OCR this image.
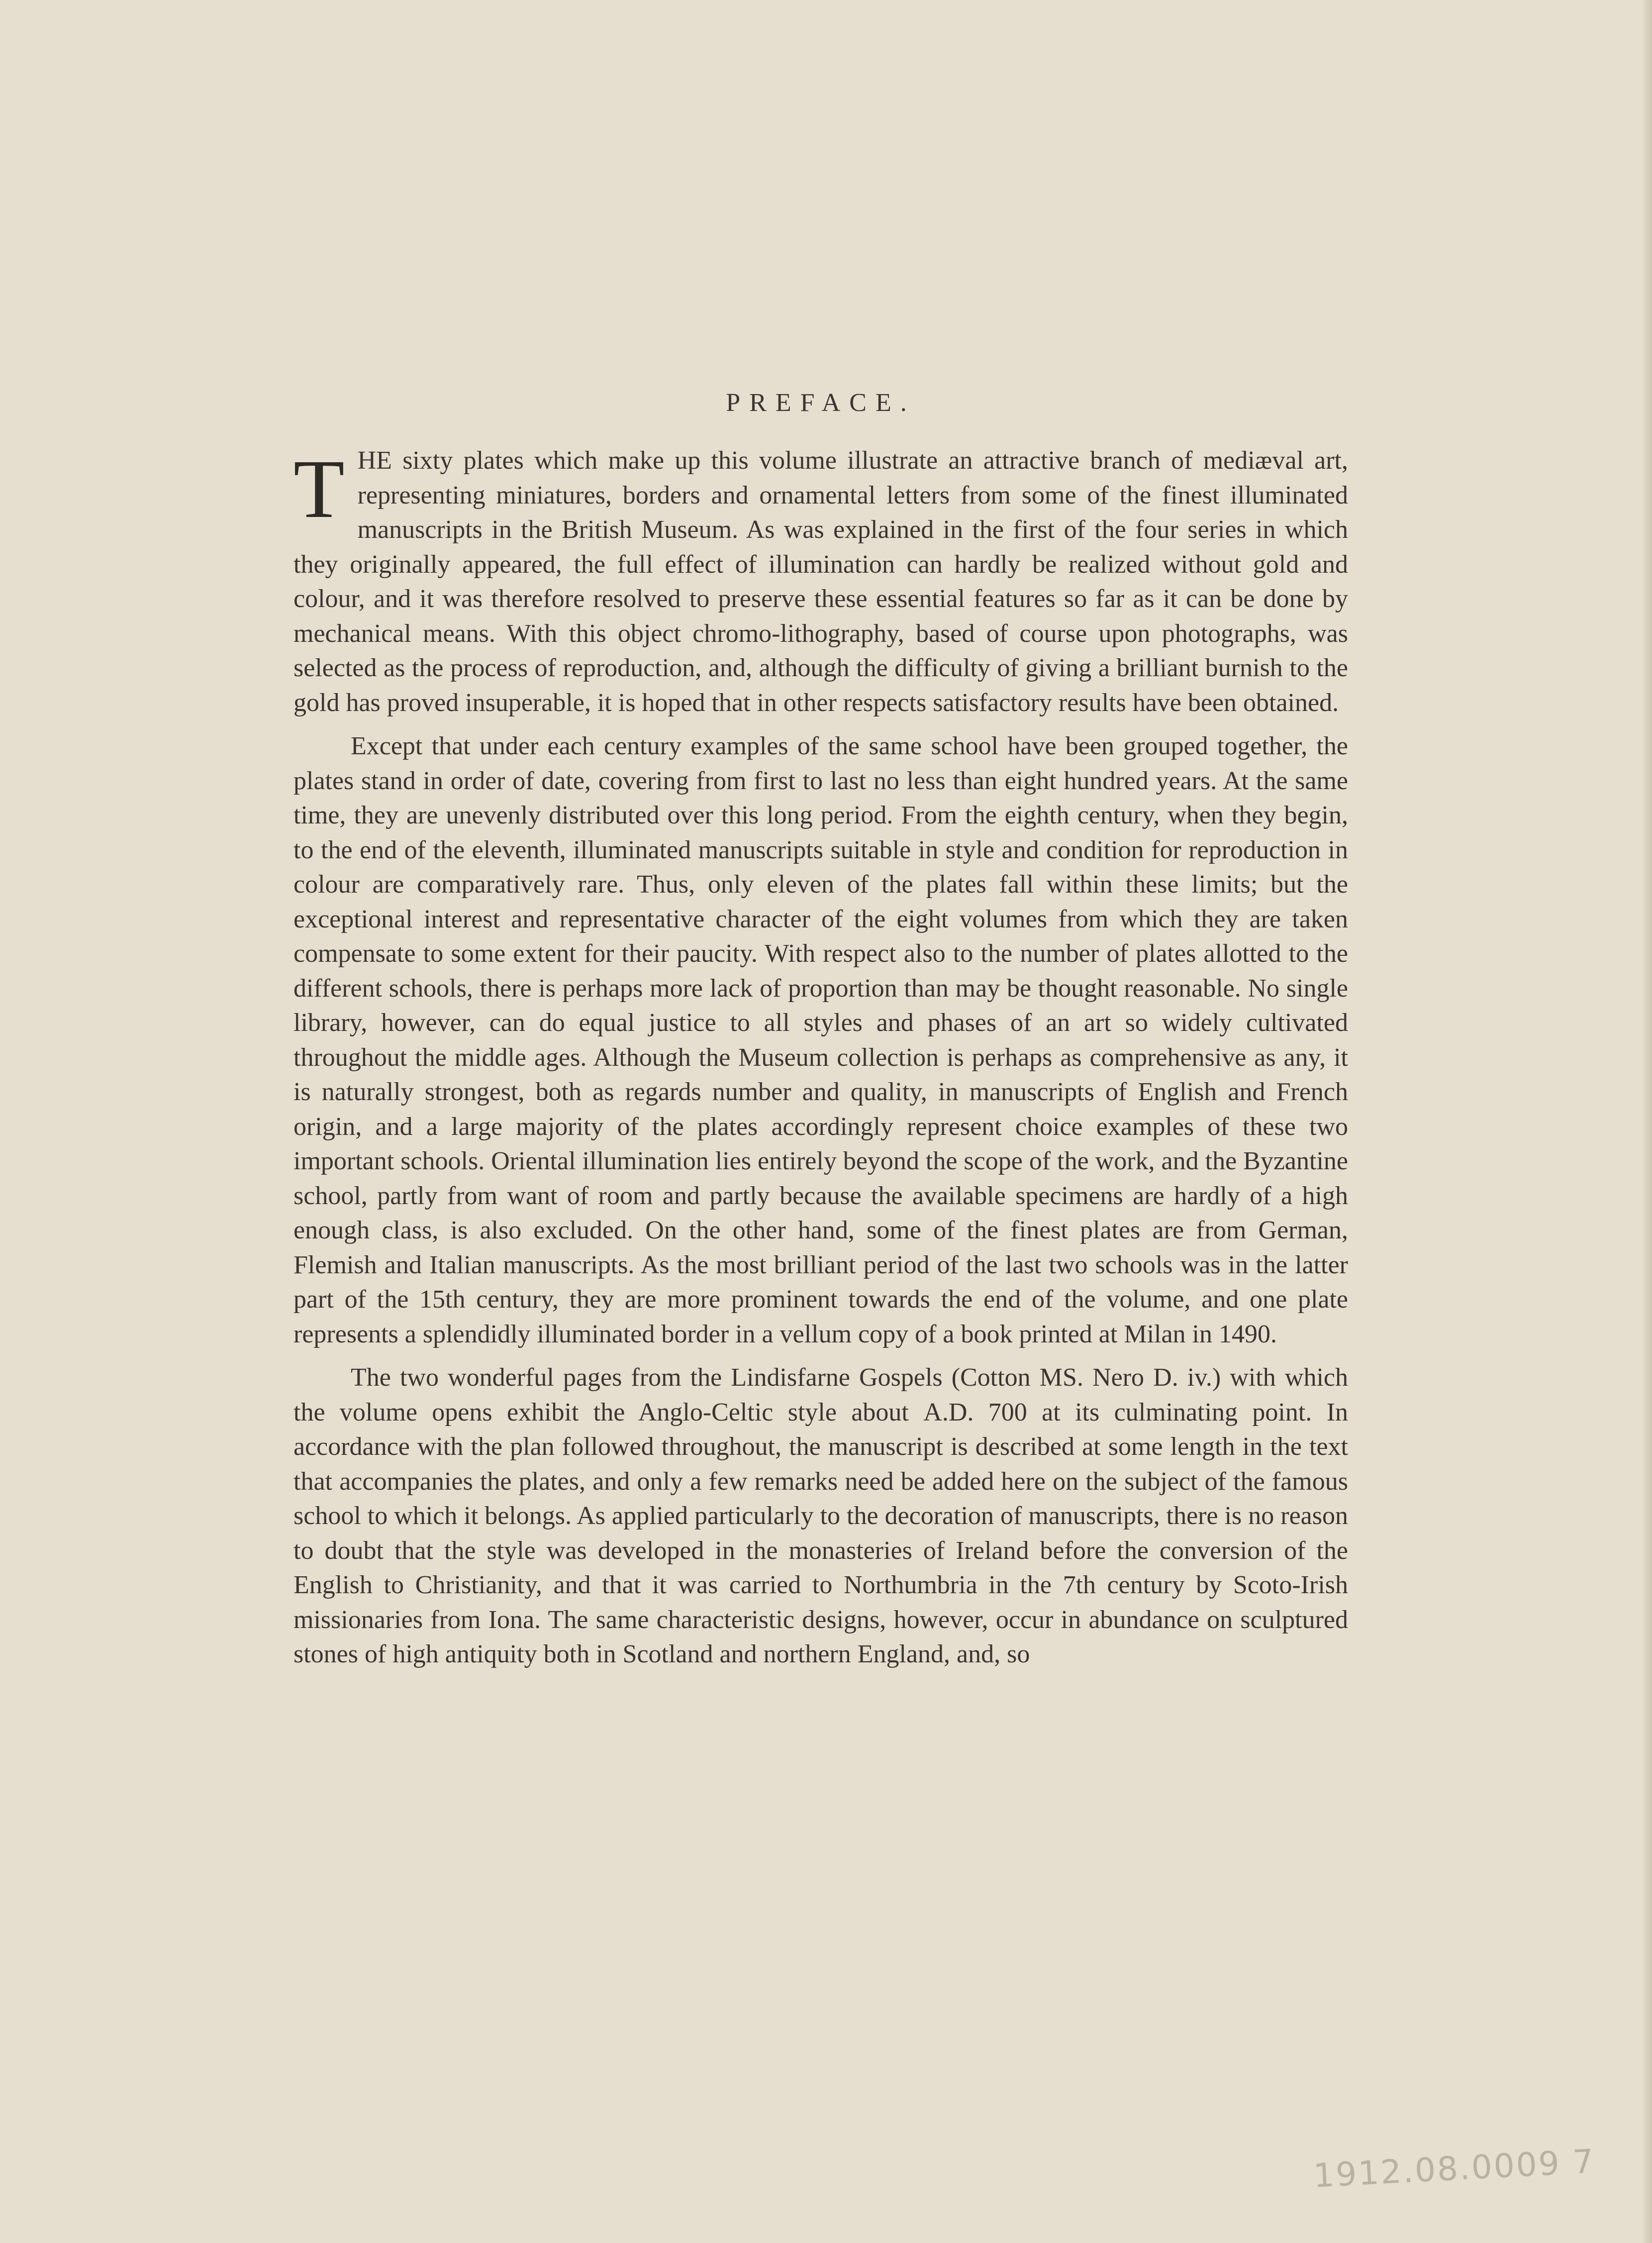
PREFACE.

THE sixty plates which make up this volume illustrate an attractive branch of mediæval art, representing miniatures, borders and ornamental letters from some of the finest illuminated manuscripts in the British Museum. As was explained in the first of the four series in which they originally appeared, the full effect of illumination can hardly be realized without gold and colour, and it was therefore resolved to preserve these essential features so far as it can be done by mechanical means. With this object chromo-lithography, based of course upon photographs, was selected as the process of reproduction, and, although the difficulty of giving a brilliant burnish to the gold has proved insuperable, it is hoped that in other respects satisfactory results have been obtained.

Except that under each century examples of the same school have been grouped together, the plates stand in order of date, covering from first to last no less than eight hundred years. At the same time, they are unevenly distributed over this long period. From the eighth century, when they begin, to the end of the eleventh, illuminated manuscripts suitable in style and condition for reproduction in colour are comparatively rare. Thus, only eleven of the plates fall within these limits; but the exceptional interest and representative character of the eight volumes from which they are taken compensate to some extent for their paucity. With respect also to the number of plates allotted to the different schools, there is perhaps more lack of proportion than may be thought reasonable. No single library, however, can do equal justice to all styles and phases of an art so widely cultivated throughout the middle ages. Although the Museum collection is perhaps as comprehensive as any, it is naturally strongest, both as regards number and quality, in manuscripts of English and French origin, and a large majority of the plates accordingly represent choice examples of these two important schools. Oriental illumination lies entirely beyond the scope of the work, and the Byzantine school, partly from want of room and partly because the available specimens are hardly of a high enough class, is also excluded. On the other hand, some of the finest plates are from German, Flemish and Italian manuscripts. As the most brilliant period of the last two schools was in the latter part of the 15th century, they are more prominent towards the end of the volume, and one plate represents a splendidly illuminated border in a vellum copy of a book printed at Milan in 1490.

The two wonderful pages from the Lindisfarne Gospels (Cotton MS. Nero D. iv.) with which the volume opens exhibit the Anglo-Celtic style about A.D. 700 at its culminating point. In accordance with the plan followed throughout, the manuscript is described at some length in the text that accompanies the plates, and only a few remarks need be added here on the subject of the famous school to which it belongs. As applied particularly to the decoration of manuscripts, there is no reason to doubt that the style was developed in the monasteries of Ireland before the conversion of the English to Christianity, and that it was carried to Northumbria in the 7th century by Scoto-Irish missionaries from Iona. The same characteristic designs, however, occur in abundance on sculptured stones of high antiquity both in Scotland and northern England, and, so

1912.08.0009 7
